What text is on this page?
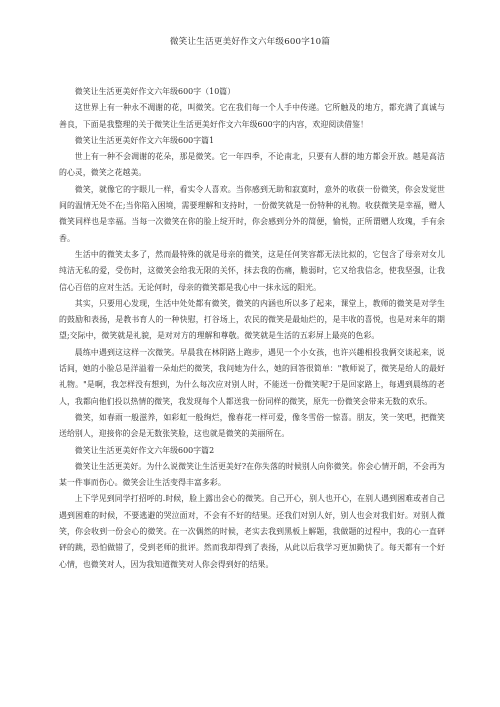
微笑让生活更美好作文六年级600字10篇

微笑让生活更美好作文六年级600字（10篇）

这世界上有一种永不凋谢的花，叫微笑。它在我们每一个人手中传递。它所触及的地方，都充满了真诚与善良，下面是我整理的关于微笑让生活更美好作文六年级600字的内容，欢迎阅读借鉴！

微笑让生活更美好作文六年级600字篇1

世上有一种不会凋谢的花朵，那是微笑。它一年四季，不论南北，只要有人群的地方都会开放。越是高洁的心灵，微笑之花越美。

微笑，就像它的字眼儿一样，看实令人喜欢。当你感到无助和寂寞时，意外的收获一份微笑，你会发觉世间的温情无处不在;当你陷入困境，需要理解和支持时，一份微笑就是一份特种的礼物。收获微笑是幸福，赠人微笑同样也是幸福。当每一次微笑在你的脸上绽开时，你会感到分外的简便，愉悦，正所谓赠人玫瑰，手有余香。

生活中的微笑太多了，然而最特殊的就是母亲的微笑，这是任何笑容都无法比拟的，它包含了母亲对女儿纯洁无私的爱，受伤时，这微笑会给我无限的关怀，抹去我的伤痛，脆弱时，它又给我信念，使我坚强，让我信心百倍的应对生活。无论何时，母亲的微笑都是我心中一抹永远的阳光。

其实，只要用心发现，生活中处处都有微笑，微笑的内涵也所以多了起来，课堂上，教师的微笑是对学生的鼓励和表扬，是教书育人的一种快慰，打谷场上，农民的微笑是最灿烂的，是丰收的喜悦，也是对来年的期望;交际中，微笑就是礼貌，是对对方的理解和尊敬。微笑就是生活的五彩屏上最亮的色彩。

晨练中遇到这这样一次微笑。早晨我在林阴路上跑步，遇见一个小女孩，也许兴趣相投我俩交谈起来，说话间，她的小脸总是洋溢着一朵灿烂的微笑，我问她为什么，她的回答很简单："教师说了，微笑是给人的最好礼物。"是啊，我怎样没有想到，为什么每次应对别人时，不能送一份微笑呢?于是回家路上，每遇到晨练的老人，我都向他们投以热情的微笑，我发现每个人都送我一份同样的微笑，原先一份微笑会带来无数的欢乐。

微笑，如春雨一般滋养，如彩虹一般绚烂，像春花一样可爱，像冬雪俗一惊喜。朋友，笑一笑吧，把微笑送给别人，迎接你的会是无数张笑脸，这也就是微笑的美丽所在。

微笑让生活更美好作文六年级600字篇2

微笑让生活更美好。为什么说微笑让生活更美好?在你失落的时候别人向你微笑。你会心情开朗，不会再为某一件事而伤心。微笑会让生活变得丰富多彩。

上下学见到同学打招呼的.时候，脸上露出会心的微笑。自己开心，别人也开心，在别人遇到困难或者自己遇到困难的时候，不要逃避的哭泣面对，不会有不好的结果。还我们对别人好，别人也会对我们好。对别人微笑，你会收到一份会心的微笑。在一次偶然的时候，老实去我到黑板上解题，我做题的过程中，我的心一直砰砰的跳，恐怕做错了，受到老师的批评。然而我却得到了表扬，从此以后我学习更加勤快了。每天都有一个好心情，也微笑对人，因为我知道微笑对人你会得到好的结果。
